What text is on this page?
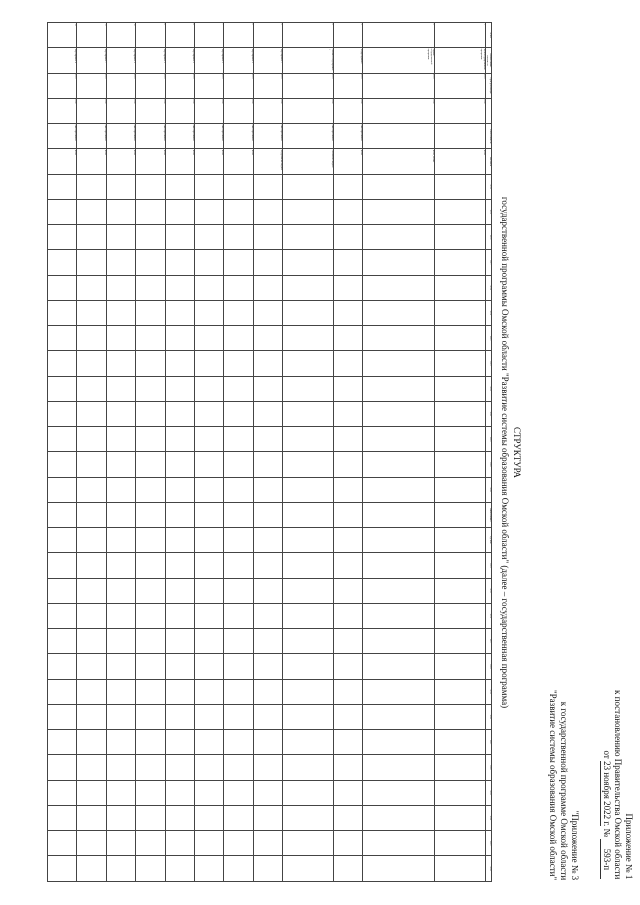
Приложение № 1
к постановлению Правительства Омской области
от 23 ноября 2022 г. № 593-п
"Приложение № 3
к государственной программе Омской области
"Развитие системы образования Омской области"
СТРУКТУРА
государственной программы Омской области "Развитие системы образования Омской области" (далее – государственная программа)
№ п/п	Наименование показателя	Срок реализации		Соисполнитель	Источник	2014	2015	2016	2017	2018	2019	2020	2021	2022	2023	2024	2025	2026	Наименование	Ед. изм.	2014	2015	2016	2017	2018	2019	2020	2021	2022	2023	2024	2025	2026
1	Цель государственной программы	2014	2026		Всего																												
2	Задача 1 государственной программы	2014	2026		Всего, из них																												
3	Подпрограмма 1	2014	2026	Минобразования	Всего																												
4	Основное мероприятие 1	2014	2026	Минобразования	Областной бюджет																												
5	Мероприятие 1	2014	2026	Минобразования	Федеральный бюджет																												
6	Мероприятие 2	2014	2026	Минобразования	Всего																												
7	Мероприятие 3	2014	2026	Минобразования	Всего																												
8	Мероприятие 4	2014	2026	Минобразования	Всего																												
9	Мероприятие 5	2014	2026	Минобразования	Всего																												
10	Мероприятие 6	2014	2026	Минобразования	Всего																												
11	Мероприятие 7	2014	2026	Минобразования	Всего																												
12	Мероприятие 8	2014	2026	Минобразования	Всего																												
